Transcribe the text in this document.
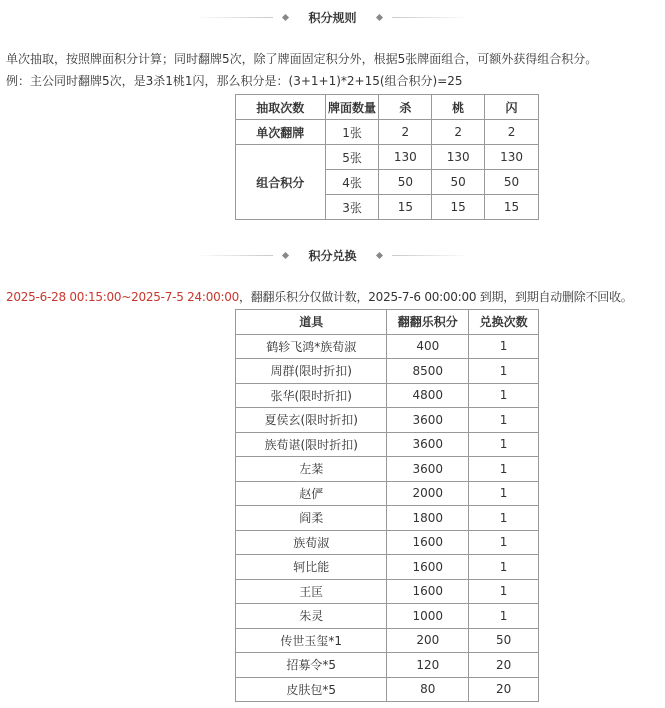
积分规则
单次抽取，按照牌面积分计算；同时翻牌5次，除了牌面固定积分外，根据5张牌面组合，可额外获得组合积分。
例：主公同时翻牌5次，是3杀1桃1闪，那么积分是：(3+1+1)*2+15(组合积分)=25
抽取次数	牌面数量	杀	桃	闪
单次翻牌	1张	2	2	2
组合积分	5张	130	130	130
	4张	50	50	50
	3张	15	15	15
积分兑换
2025-6-28 00:15:00~2025-7-5 24:00:00，翻翻乐积分仅做计数，2025-7-6 00:00:00 到期，到期自动删除不回收。
道具	翻翻乐积分	兑换次数
鹤轸飞鸿*族荀淑	400	1
周群(限时折扣)	8500	1
张华(限时折扣)	4800	1
夏侯玄(限时折扣)	3600	1
族荀谌(限时折扣)	3600	1
左棻	3600	1
赵俨	2000	1
阎柔	1800	1
族荀淑	1600	1
轲比能	1600	1
王匡	1600	1
朱灵	1000	1
传世玉玺*1	200	50
招募令*5	120	20
皮肤包*5	80	20
